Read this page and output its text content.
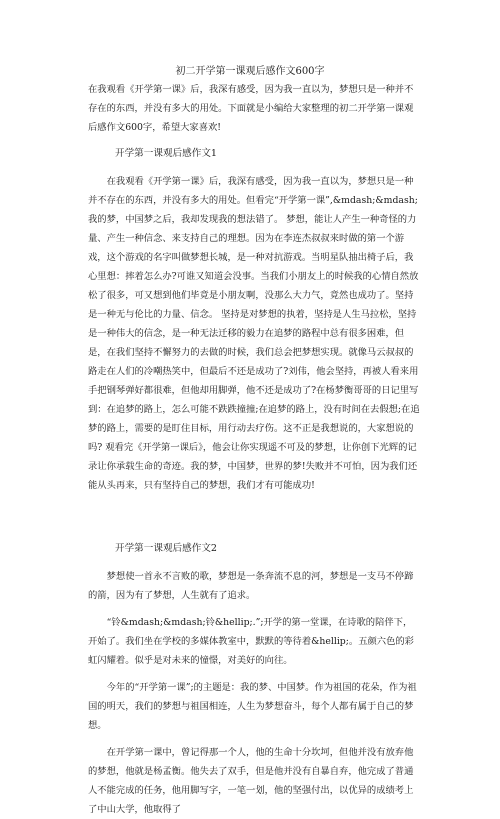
初二开学第一课观后感作文600字

在我观看《开学第一课》后，我深有感受，因为我一直以为，梦想只是一种并不存在的东西，并没有多大的用处。下面就是小编给大家整理的初二开学第一课观后感作文600字，希望大家喜欢!

开学第一课观后感作文1

在我观看《开学第一课》后，我深有感受，因为我一直以为，梦想只是一种并不存在的东西，并没有多大的用处。但看完“开学第一课”,&mdash;&mdash;我的梦，中国梦之后，我却发现我的想法错了。 梦想，能让人产生一种奇怪的力量、产生一种信念、来支持自己的理想。因为在李连杰叔叔来时做的第一个游戏，这个游戏的名字叫做梦想长城，是一种对抗游戏。当明星队抽出椅子后，我心里想：摔着怎么办?可谁又知道会没事。当我们小朋友上的时候我的心情自然放松了很多，可又想到他们毕竟是小朋友啊，没那么大力气，竟然也成功了。坚持是一种无与伦比的力量、信念。 坚持是对梦想的执着，坚持是人生马拉松，坚持是一种伟大的信念，是一种无法迁移的毅力在追梦的路程中总有很多困难，但是，在我们坚持不懈努力的去做的时候，我们总会把梦想实现。就像马云叔叔的路走在人们的冷嘲热笑中，但最后不还是成功了?刘伟，他会坚持，再被人看来用手把钢琴弹好都很难，但他却用脚弹，他不还是成功了?在杨梦衡哥哥的日记里写到：在追梦的路上，怎么可能不跌跌撞撞;在追梦的路上，没有时间在去假想;在追梦的路上，需要的是盯住目标，用行动去疗伤。这不正是我想说的，大家想说的吗? 观看完《开学第一课后》，他会让你实现遥不可及的梦想，让你创下光辉的记录让你承载生命的奇迹。我的梦，中国梦，世界的梦!失败并不可怕，因为我们还能从头再来，只有坚持自己的梦想，我们才有可能成功!

开学第一课观后感作文2

梦想使一首永不言败的歌，梦想是一条奔流不息的河，梦想是一支马不停蹄的箭，因为有了梦想，人生就有了追求。

“铃&mdash;&mdash;铃&hellip;.”;开学的第一堂课，在诗歌的陪伴下，开始了。我们坐在学校的多媒体教室中，默默的等待着&hellip;。五颜六色的彩虹闪耀着。似乎是对未来的憧憬，对美好的向往。

今年的“开学第一课”;的主题是：我的梦、中国梦。作为祖国的花朵，作为祖国的明天，我们的梦想与祖国相连，人生为梦想奋斗，每个人都有属于自己的梦想。

在开学第一课中，曾记得那一个人，他的生命十分坎坷，但他并没有放弃他的梦想，他就是杨孟衡。他失去了双手，但是他并没有自暴自弃，他完成了普通人不能完成的任务，他用脚写字，一笔一划，他的坚强付出，以优异的成绩考上了中山大学，他取得了
